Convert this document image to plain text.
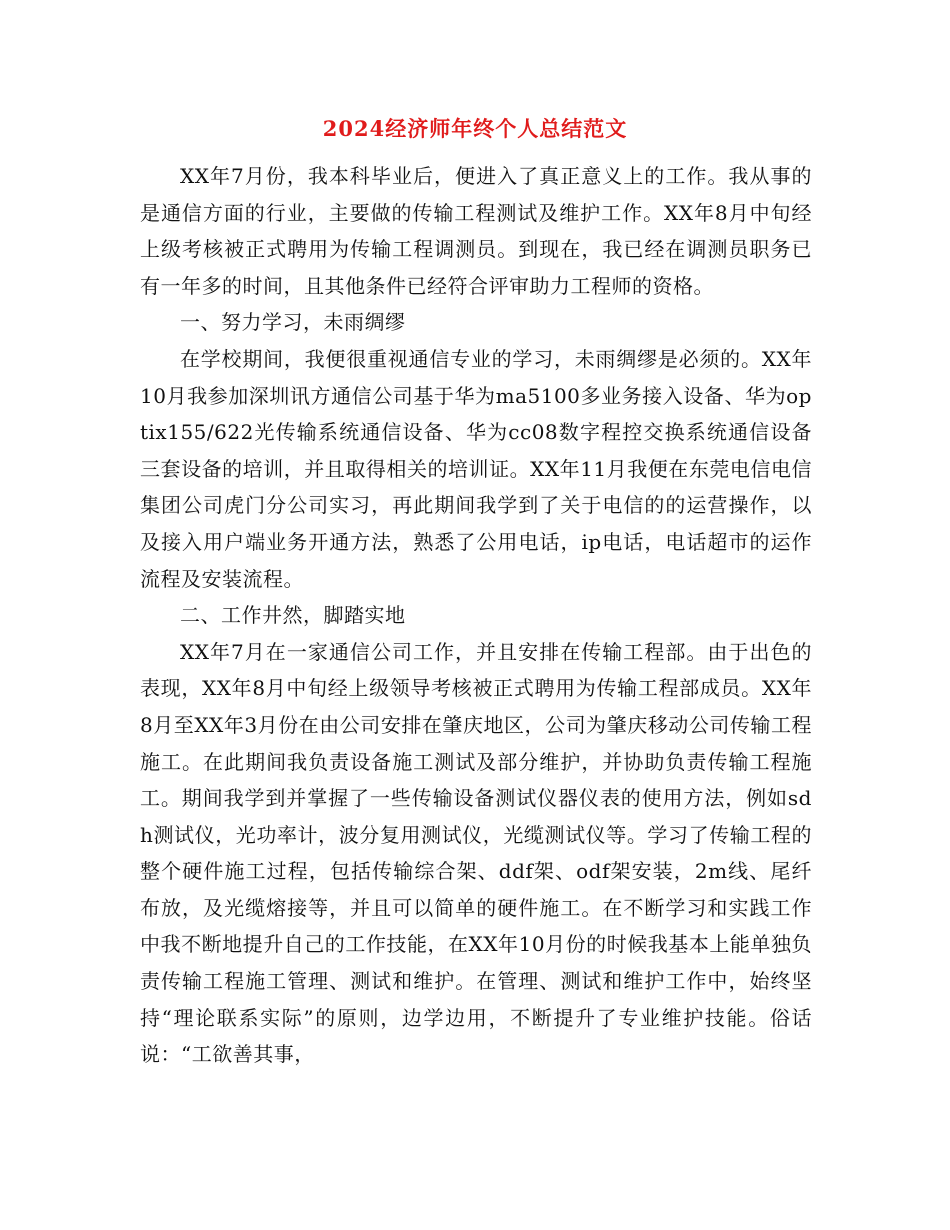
2024经济师年终个人总结范文

XX年7月份，我本科毕业后，便进入了真正意义上的工作。我从事的是通信方面的行业，主要做的传输工程测试及维护工作。XX年8月中旬经上级考核被正式聘用为传输工程调测员。到现在，我已经在调测员职务已有一年多的时间，且其他条件已经符合评审助力工程师的资格。

一、努力学习，未雨绸缪

在学校期间，我便很重视通信专业的学习，未雨绸缪是必须的。XX年10月我参加深圳讯方通信公司基于华为ma5100多业务接入设备、华为optix155/622光传输系统通信设备、华为cc08数字程控交换系统通信设备三套设备的培训，并且取得相关的培训证。XX年11月我便在东莞电信电信集团公司虎门分公司实习，再此期间我学到了关于电信的的运营操作，以及接入用户端业务开通方法，熟悉了公用电话，ip电话，电话超市的运作流程及安装流程。

二、工作井然，脚踏实地

XX年7月在一家通信公司工作，并且安排在传输工程部。由于出色的表现，XX年8月中旬经上级领导考核被正式聘用为传输工程部成员。XX年8月至XX年3月份在由公司安排在肇庆地区，公司为肇庆移动公司传输工程施工。在此期间我负责设备施工测试及部分维护，并协助负责传输工程施工。期间我学到并掌握了一些传输设备测试仪器仪表的使用方法，例如sdh测试仪，光功率计，波分复用测试仪，光缆测试仪等。学习了传输工程的整个硬件施工过程，包括传输综合架、ddf架、odf架安装，2m线、尾纤布放，及光缆熔接等，并且可以简单的硬件施工。在不断学习和实践工作中我不断地提升自己的工作技能，在XX年10月份的时候我基本上能单独负责传输工程施工管理、测试和维护。在管理、测试和维护工作中，始终坚持“理论联系实际”的原则，边学边用，不断提升了专业维护技能。俗话说：“工欲善其事，
